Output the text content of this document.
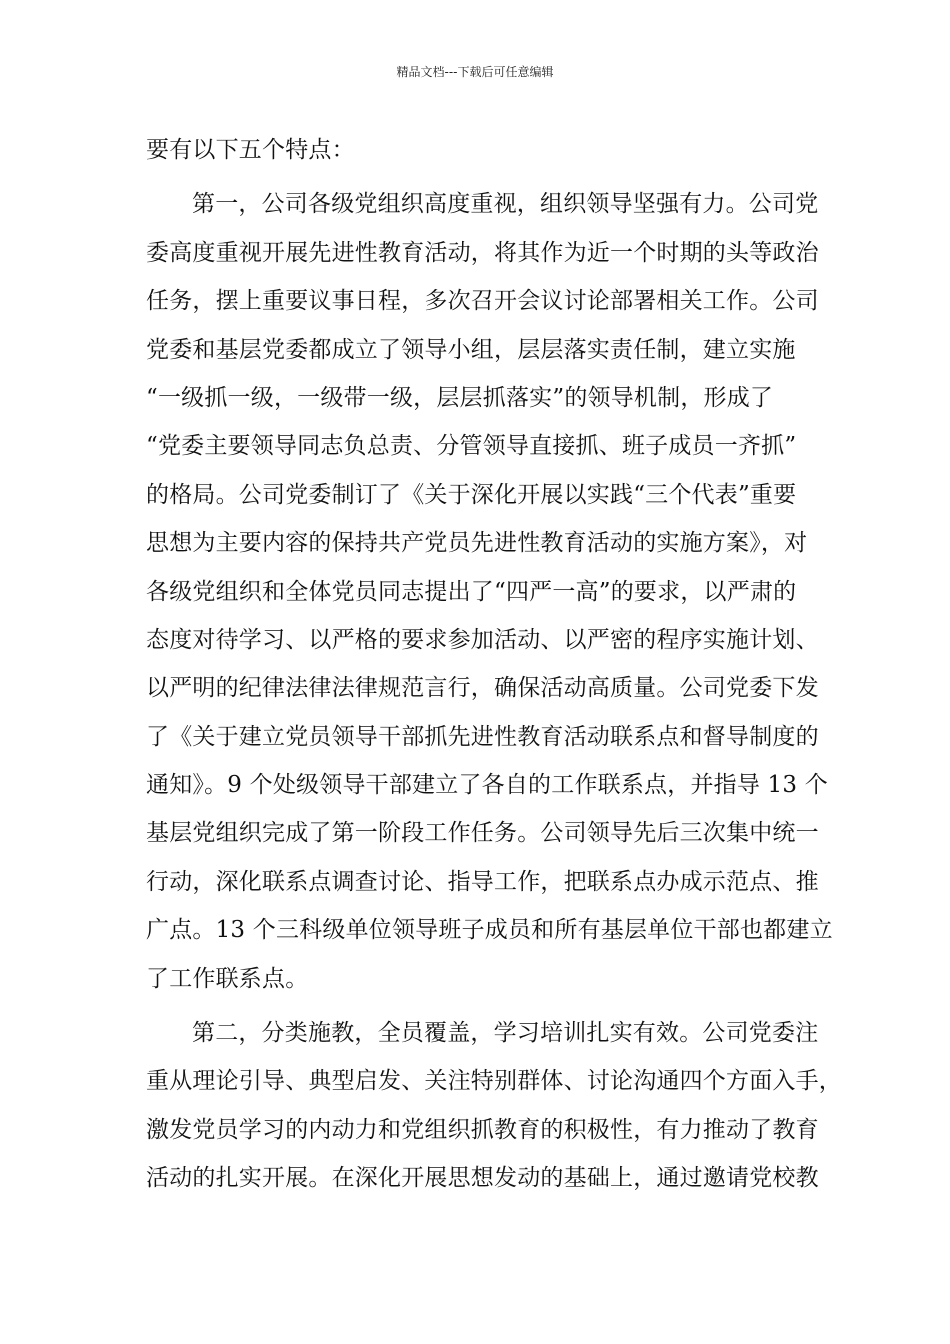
精品文档---下载后可任意编辑
要有以下五个特点：
第一，公司各级党组织高度重视，组织领导坚强有力。公司党
委高度重视开展先进性教育活动，将其作为近一个时期的头等政治
任务，摆上重要议事日程，多次召开会议讨论部署相关工作。公司
党委和基层党委都成立了领导小组，层层落实责任制，建立实施
“一级抓一级，一级带一级，层层抓落实”的领导机制，形成了
“党委主要领导同志负总责、分管领导直接抓、班子成员一齐抓”
的格局。公司党委制订了《关于深化开展以实践“三个代表”重要
思想为主要内容的保持共产党员先进性教育活动的实施方案》，对
各级党组织和全体党员同志提出了“四严一高”的要求，以严肃的
态度对待学习、以严格的要求参加活动、以严密的程序实施计划、
以严明的纪律法律法律规范言行，确保活动高质量。公司党委下发
了《关于建立党员领导干部抓先进性教育活动联系点和督导制度的
通知》。9 个处级领导干部建立了各自的工作联系点，并指导 13 个
基层党组织完成了第一阶段工作任务。公司领导先后三次集中统一
行动，深化联系点调查讨论、指导工作，把联系点办成示范点、推
广点。13 个三科级单位领导班子成员和所有基层单位干部也都建立
了工作联系点。
第二，分类施教，全员覆盖，学习培训扎实有效。公司党委注
重从理论引导、典型启发、关注特别群体、讨论沟通四个方面入手，
激发党员学习的内动力和党组织抓教育的积极性，有力推动了教育
活动的扎实开展。在深化开展思想发动的基础上，通过邀请党校教
